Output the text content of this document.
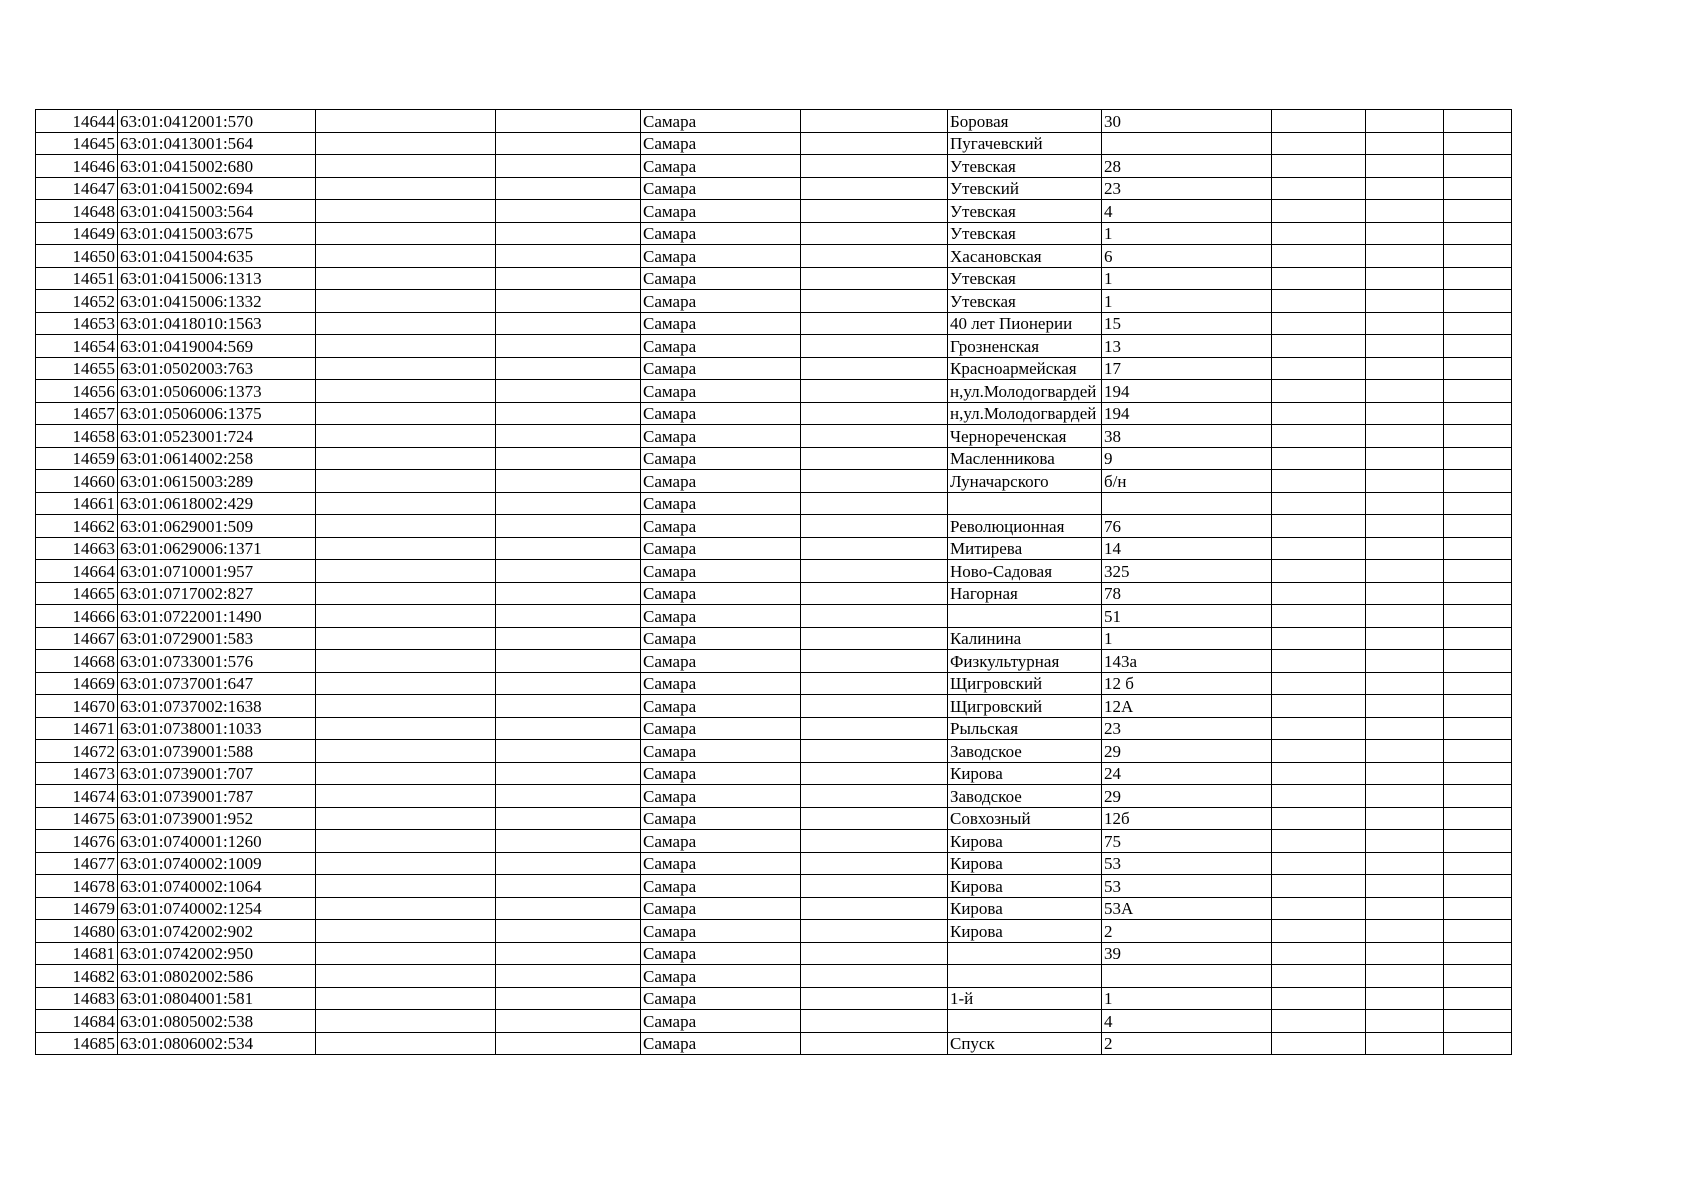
14644	63:01:0412001:570			Самара		Боровая	30			
14645	63:01:0413001:564			Самара		Пугачевский				
14646	63:01:0415002:680			Самара		Утевская	28			
14647	63:01:0415002:694			Самара		Утевский	23			
14648	63:01:0415003:564			Самара		Утевская	4			
14649	63:01:0415003:675			Самара		Утевская	1			
14650	63:01:0415004:635			Самара		Хасановская	6			
14651	63:01:0415006:1313			Самара		Утевская	1			
14652	63:01:0415006:1332			Самара		Утевская	1			
14653	63:01:0418010:1563			Самара		40 лет Пионерии	15			
14654	63:01:0419004:569			Самара		Грозненская	13			
14655	63:01:0502003:763			Самара		Красноармейская	17			
14656	63:01:0506006:1373			Самара		н,ул.Молодогвардей	194			
14657	63:01:0506006:1375			Самара		н,ул.Молодогвардей	194			
14658	63:01:0523001:724			Самара		Чернореченская	38			
14659	63:01:0614002:258			Самара		Масленникова	9			
14660	63:01:0615003:289			Самара		Луначарского	б/н			
14661	63:01:0618002:429			Самара						
14662	63:01:0629001:509			Самара		Революционная	76			
14663	63:01:0629006:1371			Самара		Митирева	14			
14664	63:01:0710001:957			Самара		Ново-Садовая	325			
14665	63:01:0717002:827			Самара		Нагорная	78			
14666	63:01:0722001:1490			Самара			51			
14667	63:01:0729001:583			Самара		Калинина	1			
14668	63:01:0733001:576			Самара		Физкультурная	143а			
14669	63:01:0737001:647			Самара		Щигровский	12 б			
14670	63:01:0737002:1638			Самара		Щигровский	12А			
14671	63:01:0738001:1033			Самара		Рыльская	23			
14672	63:01:0739001:588			Самара		Заводское	29			
14673	63:01:0739001:707			Самара		Кирова	24			
14674	63:01:0739001:787			Самара		Заводское	29			
14675	63:01:0739001:952			Самара		Совхозный	12б			
14676	63:01:0740001:1260			Самара		Кирова	75			
14677	63:01:0740002:1009			Самара		Кирова	53			
14678	63:01:0740002:1064			Самара		Кирова	53			
14679	63:01:0740002:1254			Самара		Кирова	53А			
14680	63:01:0742002:902			Самара		Кирова	2			
14681	63:01:0742002:950			Самара			39			
14682	63:01:0802002:586			Самара						
14683	63:01:0804001:581			Самара		1-й	1			
14684	63:01:0805002:538			Самара			4			
14685	63:01:0806002:534			Самара		Спуск	2			
